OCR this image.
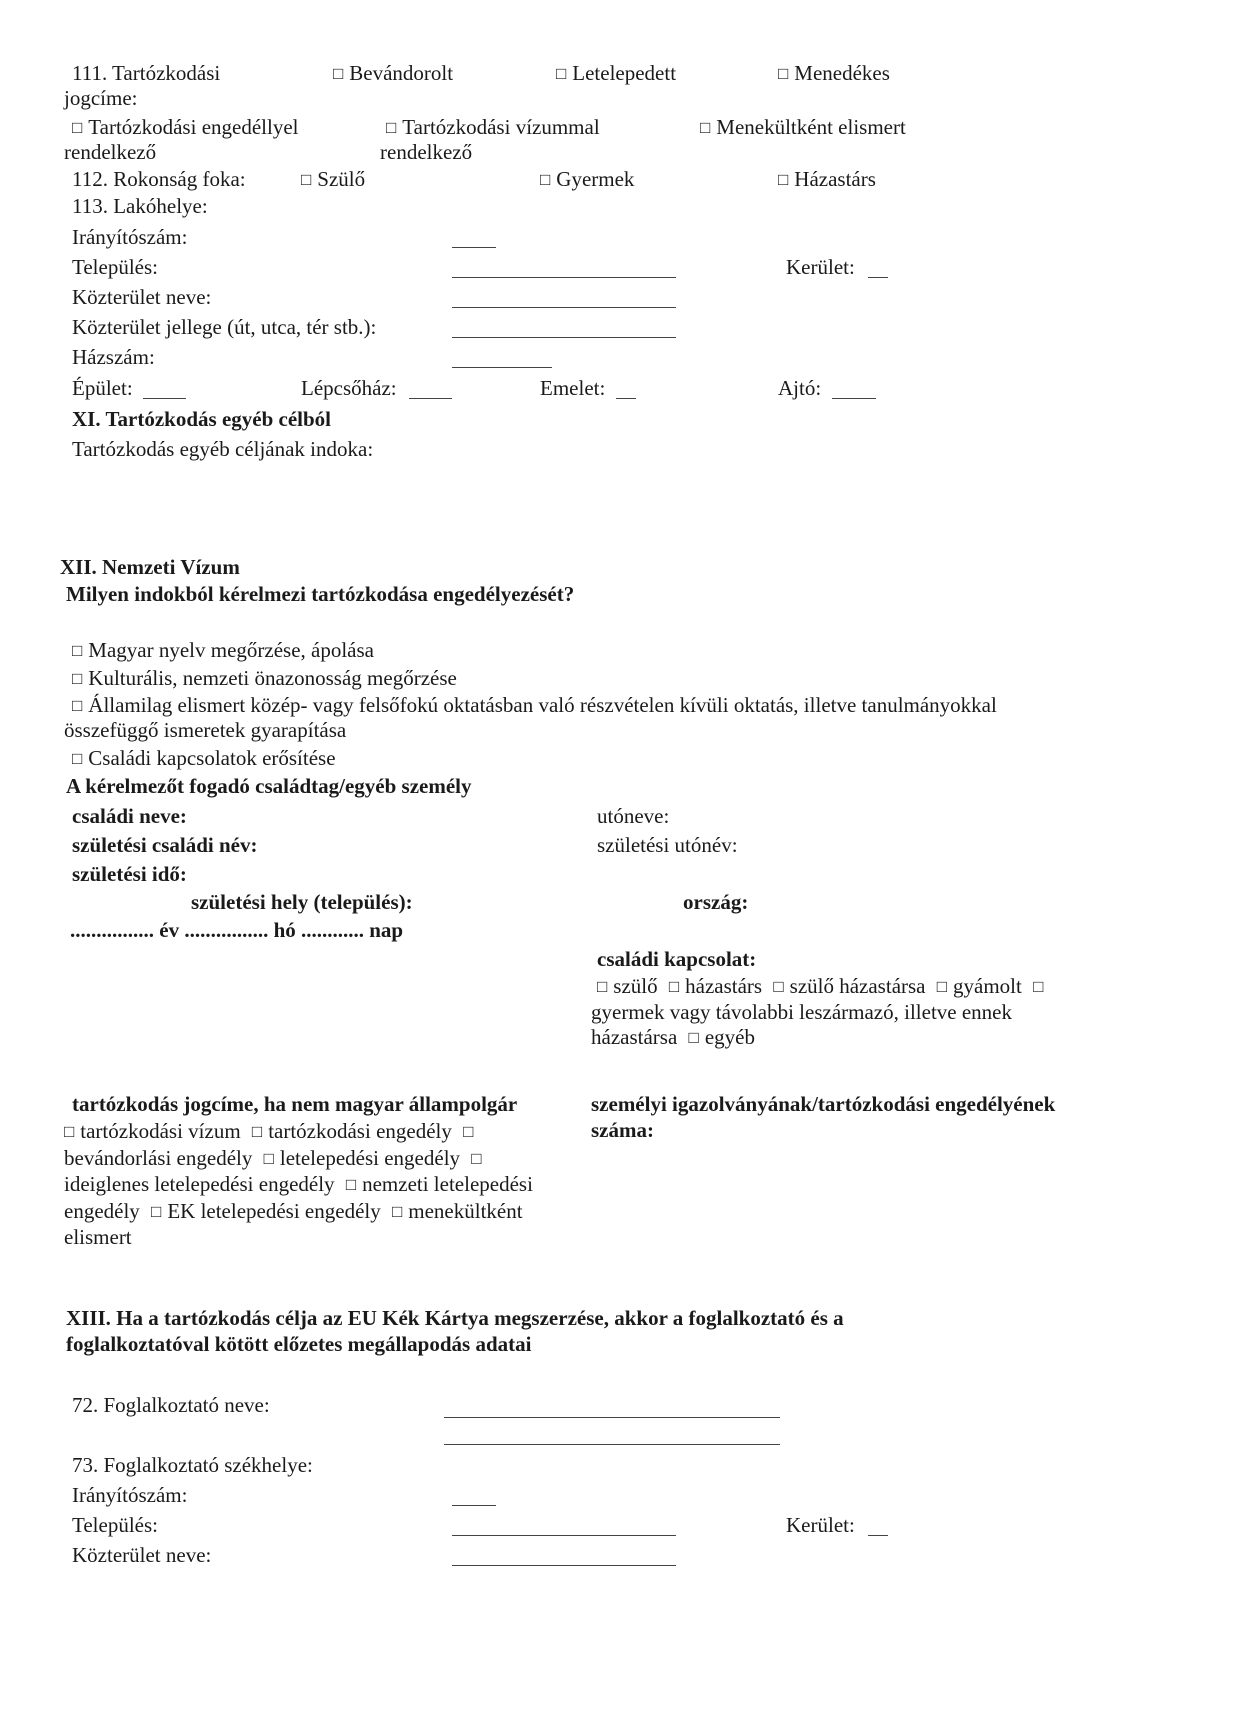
111. Tartózkodási
jogcíme:
□ Bevándorolt	□ Letelepedett	□ Menedékes
□ Tartózkodási engedéllyel
rendelkező
□ Tartózkodási vízummal
rendelkező
□ Menekültként elismert
112. Rokonság foka:	□ Szülő	□ Gyermek	□ Házastárs
113. Lakóhelye:
Irányítószám:
Település:	Kerület:
Közterület neve:
Közterület jellege (út, utca, tér stb.):
Házszám:
Épület:	Lépcsőház:	Emelet:	Ajtó:
XI. Tartózkodás egyéb célból
Tartózkodás egyéb céljának indoka:
XII. Nemzeti Vízum
Milyen indokból kérelmezi tartózkodása engedélyezését?
□ Magyar nyelv megőrzése, ápolása
□ Kulturális, nemzeti önazonosság megőrzése
□ Államilag elismert közép- vagy felsőfokú oktatásban való részvételen kívüli oktatás, illetve tanulmányokkal
összefüggő ismeretek gyarapítása
□ Családi kapcsolatok erősítése
A kérelmezőt fogadó családtag/egyéb személy
családi neve:	utóneve:
születési családi név:	születési utónév:
születési idő:
születési hely (település):	ország:
................ év ................ hó ............ nap
családi kapcsolat:
□ szülő □ házastárs □ szülő házastársa □ gyámolt □
gyermek vagy távolabbi leszármazó, illetve ennek
házastársa □ egyéb
tartózkodás jogcíme, ha nem magyar állampolgár
□ tartózkodási vízum □ tartózkodási engedély □
bevándorlási engedély □ letelepedési engedély □
ideiglenes letelepedési engedély □ nemzeti letelepedési
engedély □ EK letelepedési engedély □ menekültként
elismert
személyi igazolványának/tartózkodási engedélyének
száma:
XIII. Ha a tartózkodás célja az EU Kék Kártya megszerzése, akkor a foglalkoztató és a
foglalkoztatóval kötött előzetes megállapodás adatai
72. Foglalkoztató neve:
73. Foglalkoztató székhelye:
Irányítószám:
Település:	Kerület:
Közterület neve:
